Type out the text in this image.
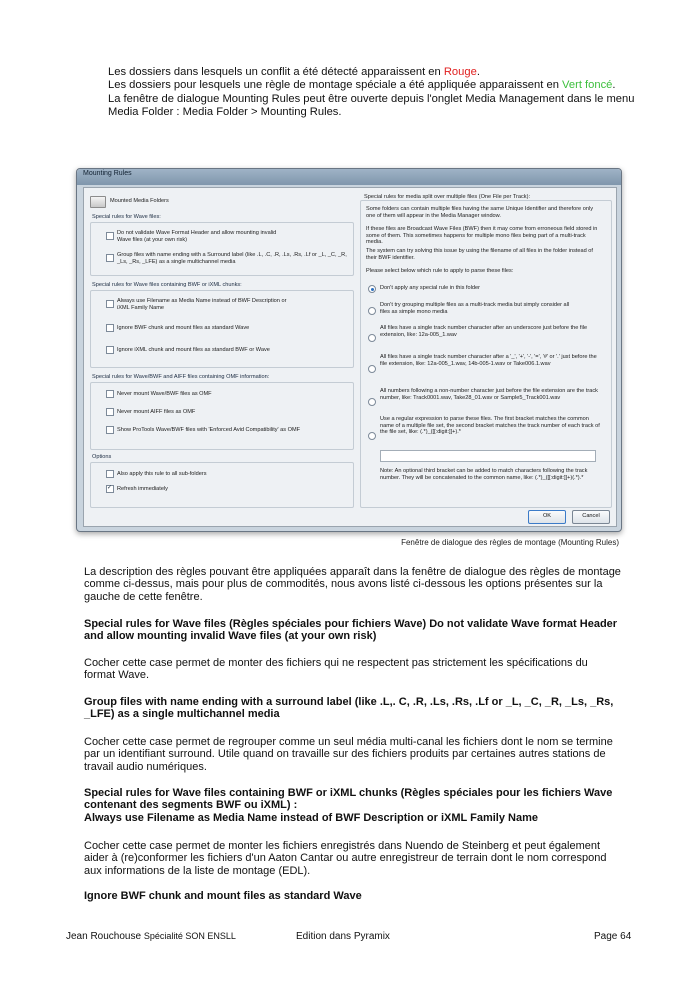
Les dossiers dans lesquels un conflit a été détecté apparaissent en Rouge.

Les dossiers pour lesquels une règle de montage spéciale a été appliquée apparaissent en Vert foncé.

La fenêtre de dialogue Mounting Rules peut être ouverte depuis l'onglet Media Management dans le menu Media Folder : Media Folder > Mounting Rules.

Mounting Rules
Mounted Media Folders
Special rules for Wave files:
Do not validate Wave Format Header and allow mounting invalid Wave files (at your own risk)
Group files with name ending with a Surround label (like .L, .C, .R, .Ls, .Rs, .Lf or _L, _C, _R, _Ls, _Rs, _LFE) as a single multichannel media
Special rules for Wave files containing BWF or iXML chunks:
Always use Filename as Media Name instead of BWF Description or iXML Family Name
Ignore BWF chunk and mount files as standard Wave
Ignore iXML chunk and mount files as standard BWF or Wave
Special rules for Wave/BWF and AIFF files containing OMF information:
Never mount Wave/BWF files as OMF
Never mount AIFF files as OMF
Show ProTools Wave/BWF files with 'Enforced Avid Compatibility' as OMF
Options
Also apply this rule to all sub-folders
✓
Refresh immediately
Special rules for media split over multiple files (One File per Track):
Some folders can contain multiple files having the same Unique Identifier and therefore only one of them will appear in the Media Manager window.
If these files are Broadcast Wave Files (BWF) then it may come from erroneous field stored in some of them. This sometimes happens for multiple mono files being part of a multi-track media.
The system can try solving this issue by using the filename of all files in the folder instead of their BWF identifier.
Please select below which rule to apply to parse these files:
Don't apply any special rule in this folder
Don't try grouping multiple files as a multi-track media but simply consider all files as simple mono media
All files have a single track number character after an underscore just before the file extension, like: 12a-005_1.wav
All files have a single track number character after a '_', '+', '-', '=', '#' or '.' just before the file extension, like: 12a-005_1.wav, 14b-005-1.wav or Take006.1.wav
All numbers following a non-number character just before the file extension are the track number, like: Track0001.wav, Take28_01.wav or Sample5_Track001.wav
Use a regular expression to parse these files. The first bracket matches the common name of a multiple file set, the second bracket matches the track number of each track of the file set, like: (.*)_([[:digit:]]+).*
Note: An optional third bracket can be added to match characters following the track number. They will be concatenated to the common name, like: (.*)_([[:digit:]]+)(.*).*
OK	Cancel
Fenêtre de dialogue des règles de montage (Mounting Rules)
La description des règles pouvant être appliquées apparaît dans la fenêtre de dialogue des règles de montage comme ci-dessus, mais pour plus de commodités, nous avons listé ci-dessous les options présentes sur la gauche de cette fenêtre.
Special rules for Wave files (Règles spéciales pour fichiers Wave) Do not validate Wave format Header and allow mounting invalid Wave files (at your own risk)
Cocher cette case permet de monter des fichiers qui ne respectent pas strictement les spécifications du format Wave.
Group files with name ending with a surround label (like .L,. C, .R, .Ls, .Rs, .Lf or _L, _C, _R, _Ls, _Rs, _LFE) as a single multichannel media
Cocher cette case permet de regrouper comme un seul média multi-canal les fichiers dont le nom se termine par un identifiant surround. Utile quand on travaille sur des fichiers produits par certaines autres stations de travail audio numériques.
Special rules for Wave files containing BWF or iXML chunks (Règles spéciales pour les fichiers Wave contenant des segments BWF ou iXML) :
Always use Filename as Media Name instead of BWF Description or iXML Family Name
Cocher cette case permet de monter les fichiers enregistrés dans Nuendo de Steinberg et peut également aider à (re)conformer les fichiers d'un Aaton Cantar ou autre enregistreur de terrain dont le nom correspond aux informations de la liste de montage (EDL).
Ignore BWF chunk and mount files as standard Wave
Jean Rouchouse Spécialité SON ENSLL	Edition dans Pyramix	Page 64
